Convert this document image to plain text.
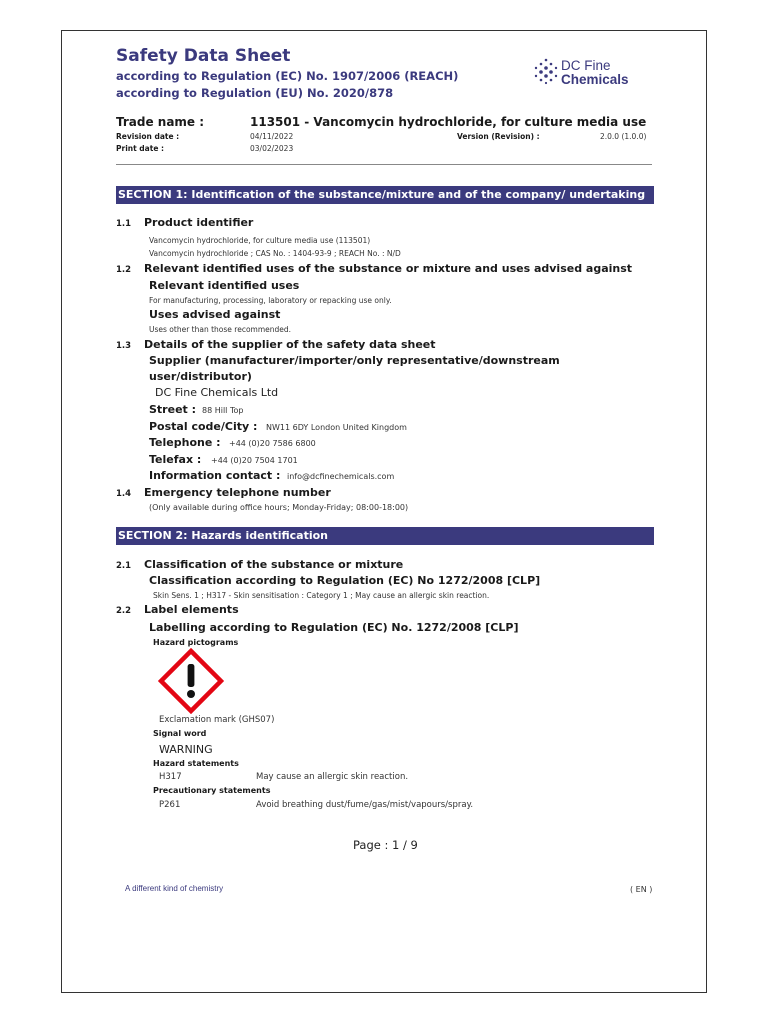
Safety Data Sheet
according to Regulation (EC) No. 1907/2006 (REACH)
according to Regulation (EU) No. 2020/878
DC Fine
Chemicals
Trade name :	113501 - Vancomycin hydrochloride, for culture media use
Revision date :	04/11/2022	Version (Revision) :	2.0.0 (1.0.0)
Print date :	03/02/2023
SECTION 1: Identification of the substance/mixture and of the company/ undertaking
1.1 Product identifier
Vancomycin hydrochloride, for culture media use (113501)
Vancomycin hydrochloride ; CAS No. : 1404-93-9 ; REACH No. : N/D
1.2 Relevant identified uses of the substance or mixture and uses advised against
Relevant identified uses
For manufacturing, processing, laboratory or repacking use only.
Uses advised against
Uses other than those recommended.
1.3 Details of the supplier of the safety data sheet
Supplier (manufacturer/importer/only representative/downstream
user/distributor)
DC Fine Chemicals Ltd
Street : 88 Hill Top
Postal code/City : NW11 6DY London United Kingdom
Telephone : +44 (0)20 7586 6800
Telefax : +44 (0)20 7504 1701
Information contact : info@dcfinechemicals.com
1.4 Emergency telephone number
(Only available during office hours; Monday-Friday; 08:00-18:00)
SECTION 2: Hazards identification
2.1 Classification of the substance or mixture
Classification according to Regulation (EC) No 1272/2008 [CLP]
Skin Sens. 1 ; H317 - Skin sensitisation : Category 1 ; May cause an allergic skin reaction.
2.2 Label elements
Labelling according to Regulation (EC) No. 1272/2008 [CLP]
Hazard pictograms
Exclamation mark (GHS07)
Signal word
WARNING
Hazard statements
H317	May cause an allergic skin reaction.
Precautionary statements
P261	Avoid breathing dust/fume/gas/mist/vapours/spray.
Page : 1 / 9
A different kind of chemistry	( EN )
